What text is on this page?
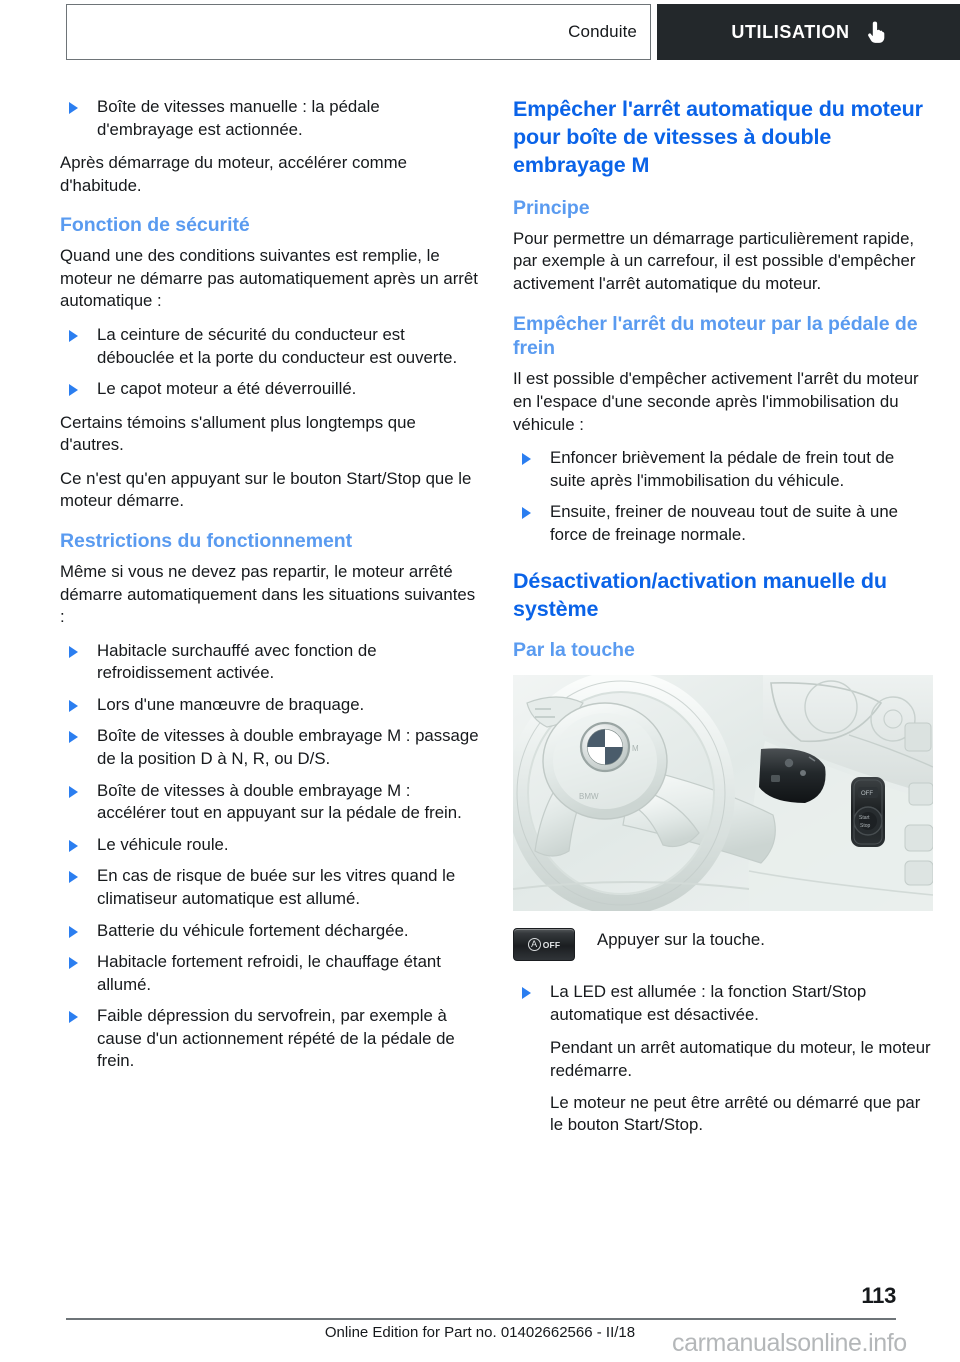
Conduite	UTILISATION
Boîte de vitesses manuelle : la pédale d'embrayage est actionnée.

Après démarrage du moteur, accélérer comme d'habitude.

Fonction de sécurité

Quand une des conditions suivantes est remplie, le moteur ne démarre pas automatiquement après un arrêt automatique :

La ceinture de sécurité du conducteur est débouclée et la porte du conducteur est ouverte.
Le capot moteur a été déverrouillé.

Certains témoins s'allument plus longtemps que d'autres.

Ce n'est qu'en appuyant sur le bouton Start/Stop que le moteur démarre.

Restrictions du fonctionnement

Même si vous ne devez pas repartir, le moteur arrêté démarre automatiquement dans les situations suivantes :

Habitacle surchauffé avec fonction de refroidissement activée.
Lors d'une manœuvre de braquage.
Boîte de vitesses à double embrayage M : passage de la position D à N, R, ou D/S.
Boîte de vitesses à double embrayage M : accélérer tout en appuyant sur la pédale de frein.
Le véhicule roule.
En cas de risque de buée sur les vitres quand le climatiseur automatique est allumé.
Batterie du véhicule fortement déchargée.
Habitacle fortement refroidi, le chauffage étant allumé.
Faible dépression du servofrein, par exemple à cause d'un actionnement répété de la pédale de frein.
Empêcher l'arrêt automatique du moteur pour boîte de vitesses à double embrayage M
Principe

Pour permettre un démarrage particulièrement rapide, par exemple à un carrefour, il est possible d'empêcher activement l'arrêt automatique du moteur.

Empêcher l'arrêt du moteur par la pédale de frein

Il est possible d'empêcher activement l'arrêt du moteur en l'espace d'une seconde après l'immobilisation du véhicule :

Enfoncer brièvement la pédale de frein tout de suite après l'immobilisation du véhicule.
Ensuite, freiner de nouveau tout de suite à une force de freinage normale.
Désactivation/activation manuelle du système
Par la touche
M
BMW	OFF
Start
Stop
A OFF Appuyer sur la touche.
La LED est allumée : la fonction Start/Stop automatique est désactivée.

Pendant un arrêt automatique du moteur, le moteur redémarre.

Le moteur ne peut être arrêté ou démarré que par le bouton Start/Stop.

113
Online Edition for Part no. 01402662566 - II/18	carmanualsonline.info
